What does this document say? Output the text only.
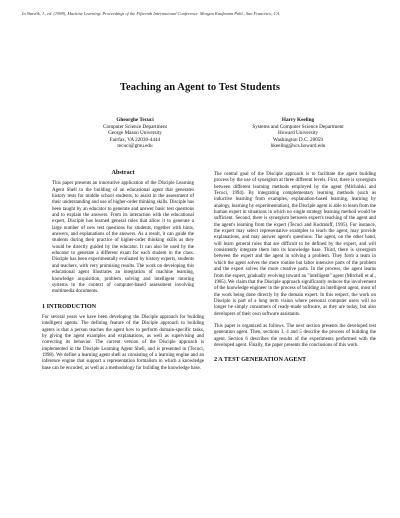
In Shavlik, J., ed. (1998), Machine Learning: Proceedings of the Fifteenth International Conference. Morgan Kaufmann Publ., San Francisco, CA.
Teaching an Agent to Test Students
Gheorghe Tecuci
Computer Science Department
George Mason University
Fairfax, VA 22030-4444
tecuci@gmu.edu
Harry Keeling
Systems and Computer Science Department
Howard University
Washington D.C. 20059
hkeeling@scs.howard.edu
Abstract

This paper presents an innovative application of the Disciple Learning Agent Shell to the building of an educational agent that generates history tests for middle school students, to assist in the assessment of their understanding and use of higher-order thinking skills. Disciple has been taught by an educator to generate and answer basic test questions and to explain the answers. From its interaction with the educational expert, Disciple has learned general rules that allow it to generate a large number of new test questions for students, together with hints, answers, and explanations of the answers. As a result, it can guide the students during their practice of higher-order thinking skills as they would be directly guided by the educator. It can also be used by the educator to generate a different exam for each student in the class. Disciple has been experimentally evaluated by history experts, students and teachers, with very promising results. The work on developing this educational agent illustrates an integration of machine learning, knowledge acquisition, problem solving and intelligent tutoring systems in the context of computer-based assessment involving multimedia documents.

1 INTRODUCTION

For several years we have been developing the Disciple approach for building intelligent agents. The defining feature of the Disciple approach to building agents is that a person teaches the agent how to perform domain-specific tasks, by giving the agent examples and explanations, as well as supervising and correcting its behavior. The current version of the Disciple approach is implemented in the Disciple Learning Agent Shell, and is presented in (Tecuci, 1998). We define a learning agent shell as consisting of a learning engine and an inference engine that support a representation formalism in which a knowledge base can be encoded, as well as a methodology for building the knowledge base.

The central goal of the Disciple approach is to facilitate the agent building process by the use of synergism at three different levels. First, there is synergism between different learning methods employed by the agent (Michalski and Tecuci, 1994). By integrating complementary learning methods (such as inductive learning from examples, explanation-based learning, learning by analogy, learning by experimentation), the Disciple agent is able to learn from the human expert in situations in which no single strategy learning method would be sufficient. Second, there is synergism between expert's teaching of the agent and the agent's learning from the expert (Tecuci and Kodratoff, 1995). For instance, the expert may select representative examples to teach the agent, may provide explanations, and may answer agent's questions. The agent, on the other hand, will learn general rules that are difficult to be defined by the expert, and will consistently integrate them into its knowledge base. Third, there is synergism between the expert and the agent in solving a problem. They form a team in which the agent solves the more routine but labor intensive parts of the problem and the expert solves the more creative parts. In the process, the agent learns from the expert, gradually evolving toward an "intelligent" agent (Mitchell et al., 1985). We claim that the Disciple approach significantly reduces the involvement of the knowledge engineer in the process of building an intelligent agent, most of the work being done directly by the domain expert. In this respect, the work on Disciple is part of a long term vision where personal computer users will no longer be simply consumers of ready-made software, as they are today, but also developers of their own software assistants.

This paper is organized as follows. The next section presents the developed test generation agent. Then, sections 3, 4 and 5 describe the process of building the agent. Section 6 describes the results of the experiments performed with the developed agent. Finally, the paper presents the conclusions of this work.

2 A TEST GENERATION AGENT
